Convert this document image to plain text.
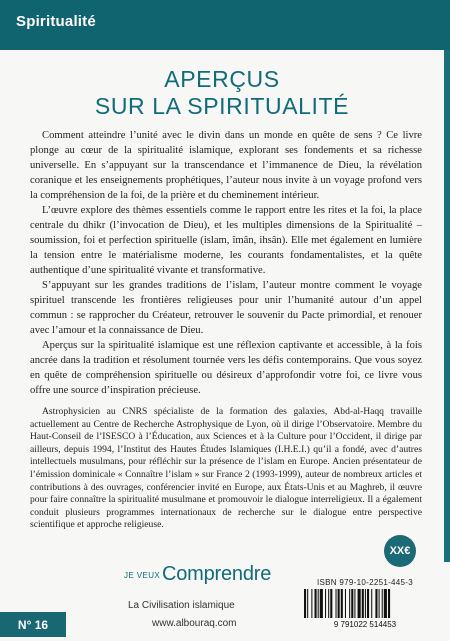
Spiritualité
APERÇUS
SUR LA SPIRITUALITÉ

Comment atteindre l’unité avec le divin dans un monde en quête de sens ? Ce livre plonge au cœur de la spiritualité islamique, explorant ses fondements et sa richesse universelle. En s’appuyant sur la transcendance et l’immanence de Dieu, la révélation coranique et les enseignements prophétiques, l’auteur nous invite à un voyage profond vers la compréhension de la foi, de la prière et du cheminement intérieur.

L’œuvre explore des thèmes essentiels comme le rapport entre les rites et la foi, la place centrale du dhikr (l’invocation de Dieu), et les multiples dimensions de la Spiritualité – soumission, foi et perfection spirituelle (islam, îmân, ihsân). Elle met également en lumière la tension entre le matérialisme moderne, les courants fondamentalistes, et la quête authentique d’une spiritualité vivante et transformative.

S’appuyant sur les grandes traditions de l’islam, l’auteur montre comment le voyage spirituel transcende les frontières religieuses pour unir l’humanité autour d’un appel commun : se rapprocher du Créateur, retrouver le souvenir du Pacte primordial, et renouer avec l’amour et la connaissance de Dieu.

Aperçus sur la spiritualité islamique est une réflexion captivante et accessible, à la fois ancrée dans la tradition et résolument tournée vers les défis contemporains. Que vous soyez en quête de compréhension spirituelle ou désireux d’approfondir votre foi, ce livre vous offre une source d’inspiration précieuse.

Astrophysicien au CNRS spécialiste de la formation des galaxies, Abd-al-Haqq travaille actuellement au Centre de Recherche Astrophysique de Lyon, où il dirige l’Observatoire. Membre du Haut-Conseil de l’ISESCO à l’Éducation, aux Sciences et à la Culture pour l’Occident, il dirige par ailleurs, depuis 1994, l’Institut des Hautes Études Islamiques (I.H.E.I.) qu’il a fondé, avec d’autres intellectuels musulmans, pour réfléchir sur la présence de l’islam en Europe. Ancien présentateur de l’émission dominicale « Connaître l’islam » sur France 2 (1993-1999), auteur de nombreux articles et contributions à des ouvrages, conférencier invité en Europe, aux États-Unis et au Maghreb, il œuvre pour faire connaître la spiritualité musulmane et promouvoir le dialogue interreligieux. Il a également conduit plusieurs programmes internationaux de recherche sur le dialogue entre perspective scientifique et approche religieuse.

XX€
JE VEUX Comprendre
La Civilisation islamique
www.albouraq.com
ISBN 979-10-2251-445-3
9 791022 514453
N° 16
